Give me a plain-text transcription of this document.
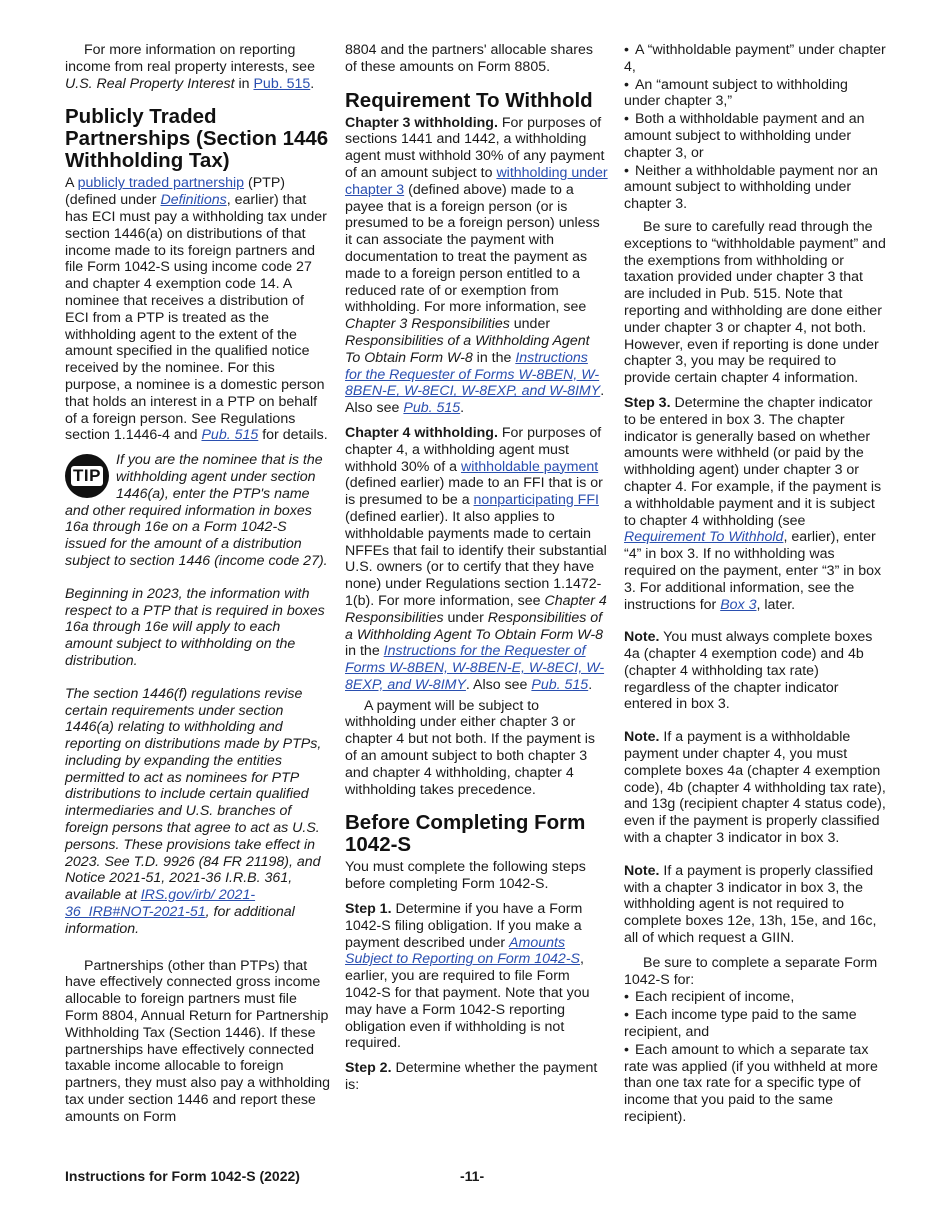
For more information on reporting income from real property interests, see U.S. Real Property Interest in Pub. 515.

Publicly Traded Partnerships (Section 1446 Withholding Tax)

A publicly traded partnership (PTP) (defined under Definitions, earlier) that has ECI must pay a withholding tax under section 1446(a) on distributions of that income made to its foreign partners and file Form 1042-S using income code 27 and chapter 4 exemption code 14. A nominee that receives a distribution of ECI from a PTP is treated as the withholding agent to the extent of the amount specified in the qualified notice received by the nominee. For this purpose, a nominee is a domestic person that holds an interest in a PTP on behalf of a foreign person. See Regulations section 1.1446-4 and Pub. 515 for details.

TIP

If you are the nominee that is the withholding agent under section 1446(a), enter the PTP's name and other required information in boxes 16a through 16e on a Form 1042-S issued for the amount of a distribution subject to section 1446 (income code 27).

Beginning in 2023, the information with respect to a PTP that is required in boxes 16a through 16e will apply to each amount subject to withholding on the distribution.

The section 1446(f) regulations revise certain requirements under section 1446(a) relating to withholding and reporting on distributions made by PTPs, including by expanding the entities permitted to act as nominees for PTP distributions to include certain qualified intermediaries and U.S. branches of foreign persons that agree to act as U.S. persons. These provisions take effect in 2023. See T.D. 9926 (84 FR 21198), and Notice 2021-51, 2021-36 I.R.B. 361, available at IRS.gov/irb/ 2021-36_IRB#NOT-2021-51, for additional information.

Partnerships (other than PTPs) that have effectively connected gross income allocable to foreign partners must file Form 8804, Annual Return for Partnership Withholding Tax (Section 1446). If these partnerships have effectively connected taxable income allocable to foreign partners, they must also pay a withholding tax under section 1446 and report these amounts on Form

8804 and the partners' allocable shares of these amounts on Form 8805.

Requirement To Withhold

Chapter 3 withholding. For purposes of sections 1441 and 1442, a withholding agent must withhold 30% of any payment of an amount subject to withholding under chapter 3 (defined above) made to a payee that is a foreign person (or is presumed to be a foreign person) unless it can associate the payment with documentation to treat the payment as made to a foreign person entitled to a reduced rate of or exemption from withholding. For more information, see Chapter 3 Responsibilities under Responsibilities of a Withholding Agent To Obtain Form W-8 in the Instructions for the Requester of Forms W-8BEN, W-8BEN-E, W-8ECI, W-8EXP, and W-8IMY. Also see Pub. 515.

Chapter 4 withholding. For purposes of chapter 4, a withholding agent must withhold 30% of a withholdable payment (defined earlier) made to an FFI that is or is presumed to be a nonparticipating FFI (defined earlier). It also applies to withholdable payments made to certain NFFEs that fail to identify their substantial U.S. owners (or to certify that they have none) under Regulations section 1.1472-1(b). For more information, see Chapter 4 Responsibilities under Responsibilities of a Withholding Agent To Obtain Form W-8 in the Instructions for the Requester of Forms W-8BEN, W-8BEN-E, W-8ECI, W-8EXP, and W-8IMY. Also see Pub. 515.

A payment will be subject to withholding under either chapter 3 or chapter 4 but not both. If the payment is of an amount subject to both chapter 3 and chapter 4 withholding, chapter 4 withholding takes precedence.

Before Completing Form 1042-S

You must complete the following steps before completing Form 1042-S.

Step 1. Determine if you have a Form 1042-S filing obligation. If you make a payment described under Amounts Subject to Reporting on Form 1042-S, earlier, you are required to file Form 1042-S for that payment. Note that you may have a Form 1042-S reporting obligation even if withholding is not required.

Step 2. Determine whether the payment is:

• A “withholdable payment” under chapter 4,
• An “amount subject to withholding under chapter 3,”
• Both a withholdable payment and an amount subject to withholding under chapter 3, or
• Neither a withholdable payment nor an amount subject to withholding under chapter 3.

Be sure to carefully read through the exceptions to “withholdable payment” and the exemptions from withholding or taxation provided under chapter 3 that are included in Pub. 515. Note that reporting and withholding are done either under chapter 3 or chapter 4, not both. However, even if reporting is done under chapter 3, you may be required to provide certain chapter 4 information.

Step 3. Determine the chapter indicator to be entered in box 3. The chapter indicator is generally based on whether amounts were withheld (or paid by the withholding agent) under chapter 3 or chapter 4. For example, if the payment is a withholdable payment and it is subject to chapter 4 withholding (see Requirement To Withhold, earlier), enter “4” in box 3. If no withholding was required on the payment, enter “3” in box 3. For additional information, see the instructions for Box 3, later.

Note. You must always complete boxes 4a (chapter 4 exemption code) and 4b (chapter 4 withholding tax rate) regardless of the chapter indicator entered in box 3.

Note. If a payment is a withholdable payment under chapter 4, you must complete boxes 4a (chapter 4 exemption code), 4b (chapter 4 withholding tax rate), and 13g (recipient chapter 4 status code), even if the payment is properly classified with a chapter 3 indicator in box 3.

Note. If a payment is properly classified with a chapter 3 indicator in box 3, the withholding agent is not required to complete boxes 12e, 13h, 15e, and 16c, all of which request a GIIN.

Be sure to complete a separate Form 1042-S for:

• Each recipient of income,
• Each income type paid to the same recipient, and
• Each amount to which a separate tax rate was applied (if you withheld at more than one tax rate for a specific type of income that you paid to the same recipient).
Instructions for Form 1042-S (2022)	-11-
